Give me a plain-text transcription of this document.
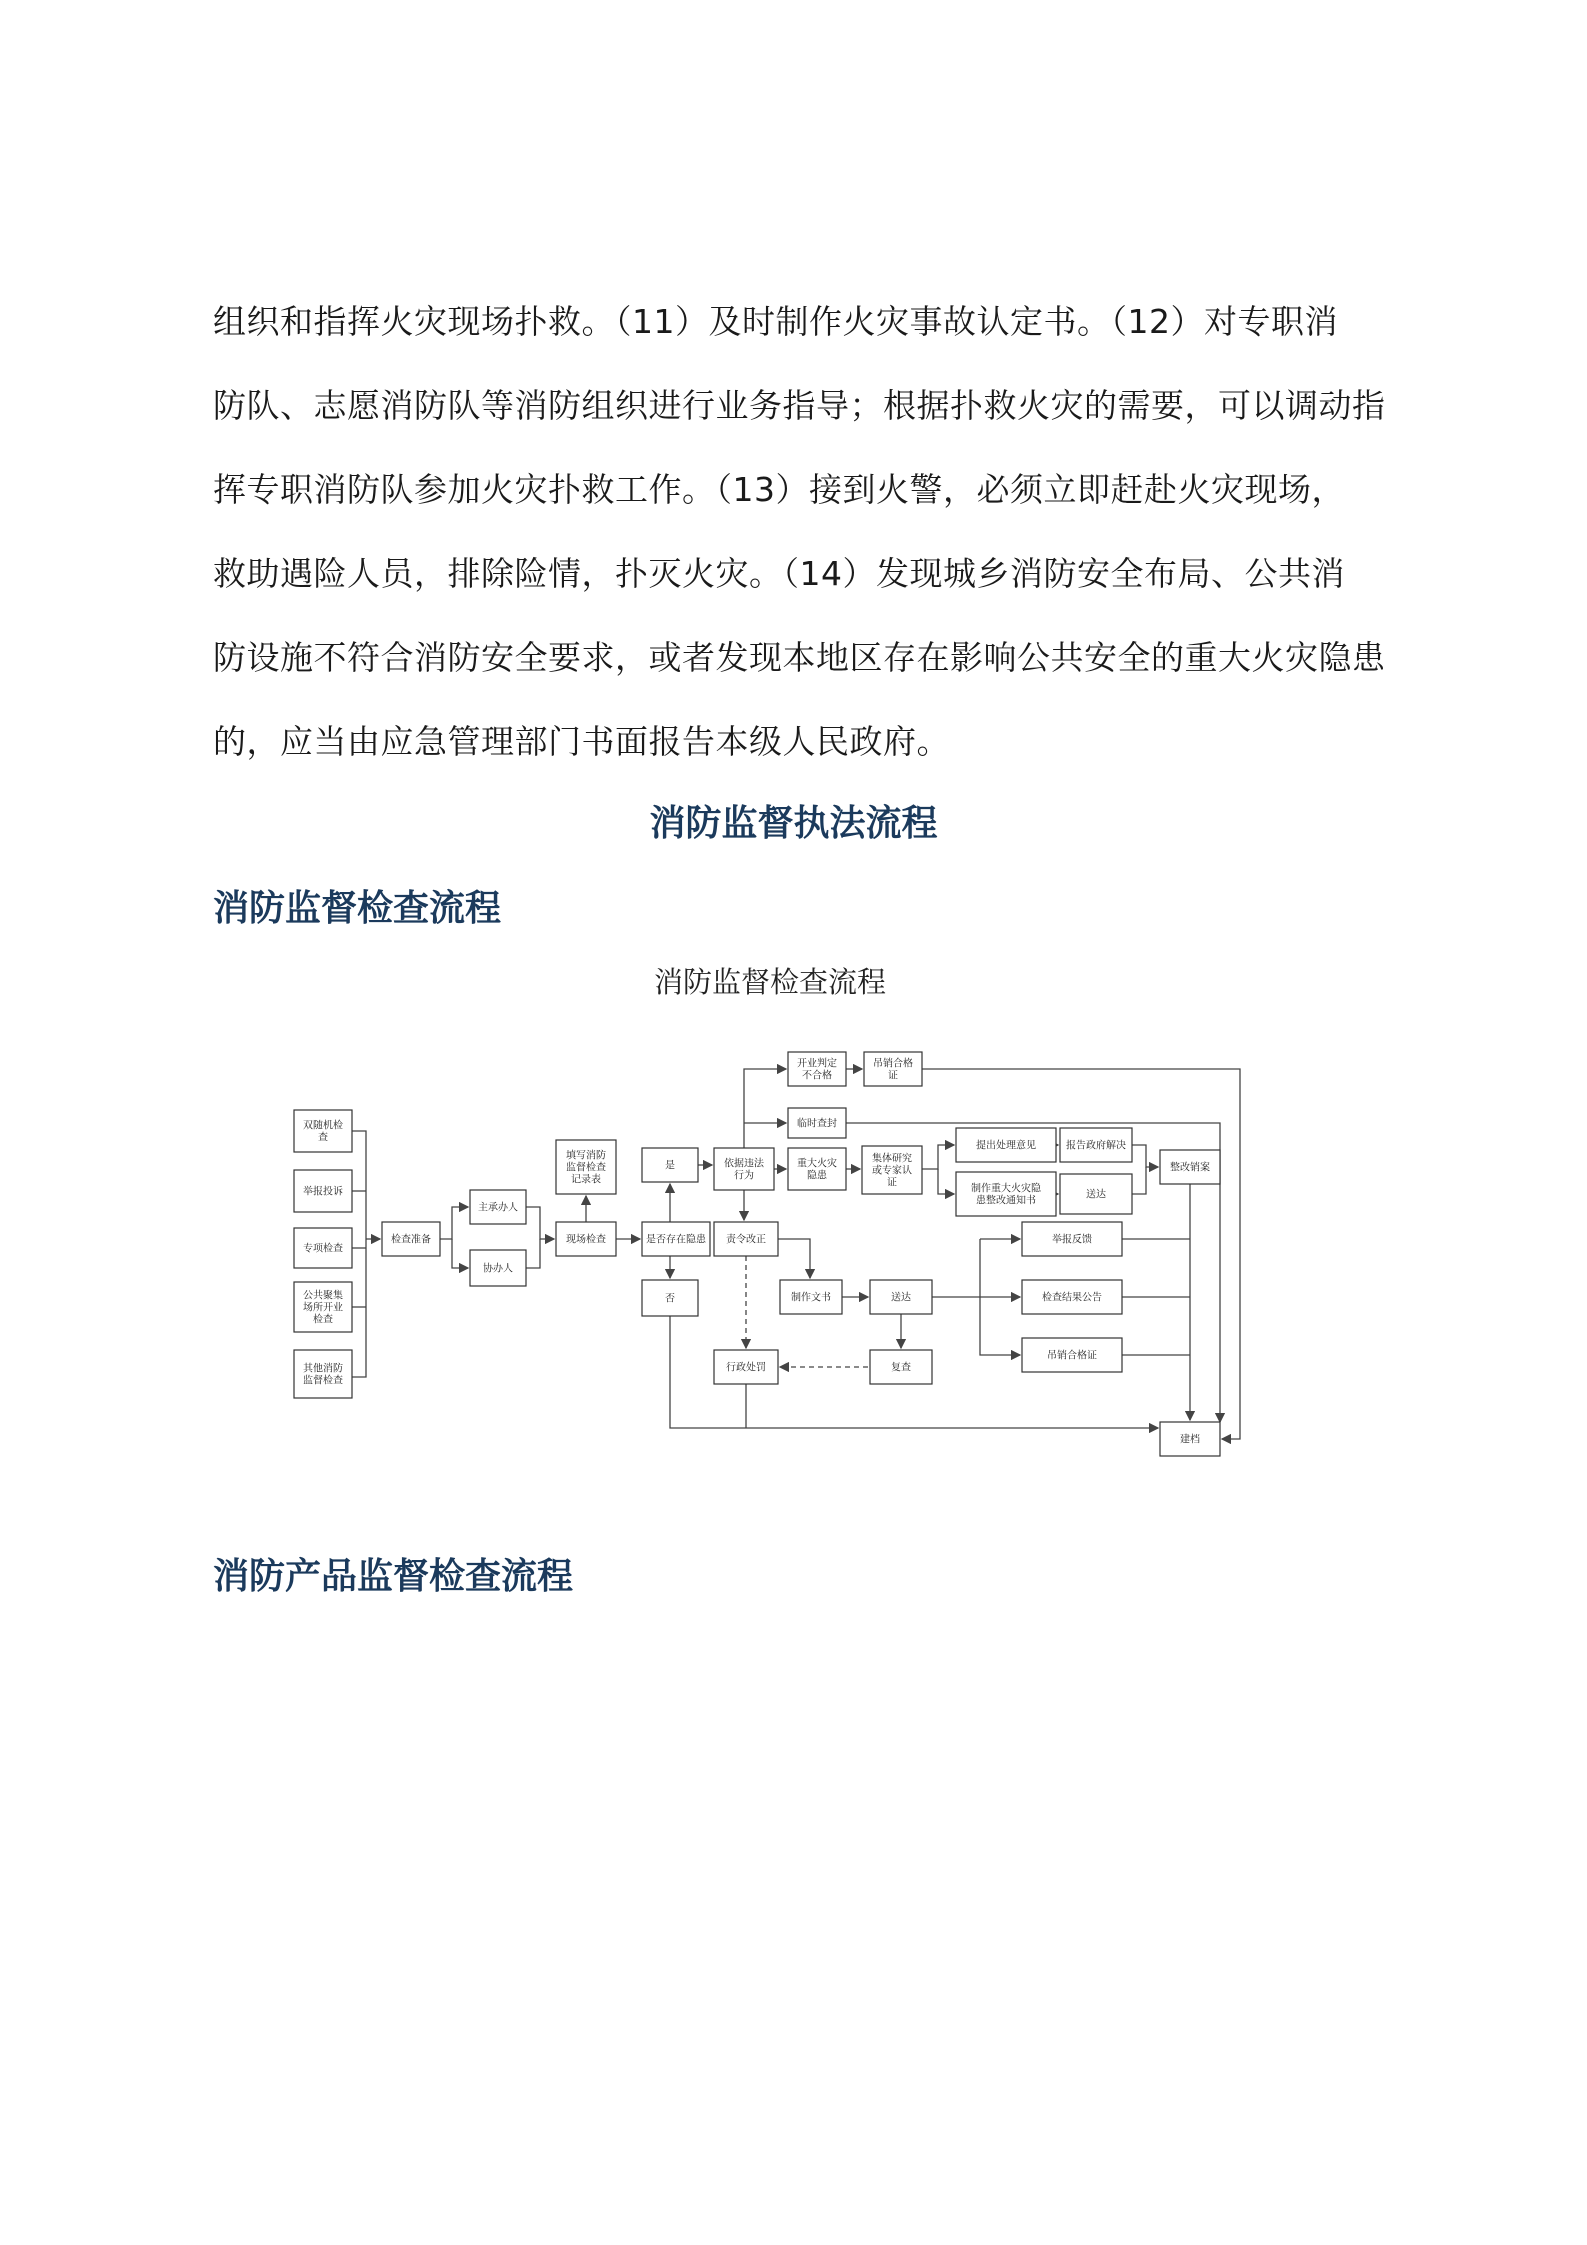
组织和指挥火灾现场扑救。（11）及时制作火灾事故认定书。（12）对专职消

防队、志愿消防队等消防组织进行业务指导；根据扑救火灾的需要，可以调动指

挥专职消防队参加火灾扑救工作。（13）接到火警，必须立即赶赴火灾现场，

救助遇险人员，排除险情，扑灭火灾。（14）发现城乡消防安全布局、公共消

防设施不符合消防安全要求，或者发现本地区存在影响公共安全的重大火灾隐患

的，应当由应急管理部门书面报告本级人民政府。

消防监督执法流程
消防监督检查流程
消防监督检查流程
双随机检
查
举报投诉
专项检查
公共聚集
场所开业
检查
其他消防
监督检查
检查准备
主承办人
协办人
填写消防
监督检查
记录表
现场检查
是
是否存在隐患
否
依据违法
行为
开业判定
不合格
吊销合格
证
临时查封
重大火灾
隐患
集体研究
或专家认
证
提出处理意见	报告政府解决
制作重大火灾隐
患整改通知书
送达
整改销案
责令改正
制作文书	送达
举报反馈
检查结果公告
吊销合格证
复查
行政处罚
建档
消防产品监督检查流程
